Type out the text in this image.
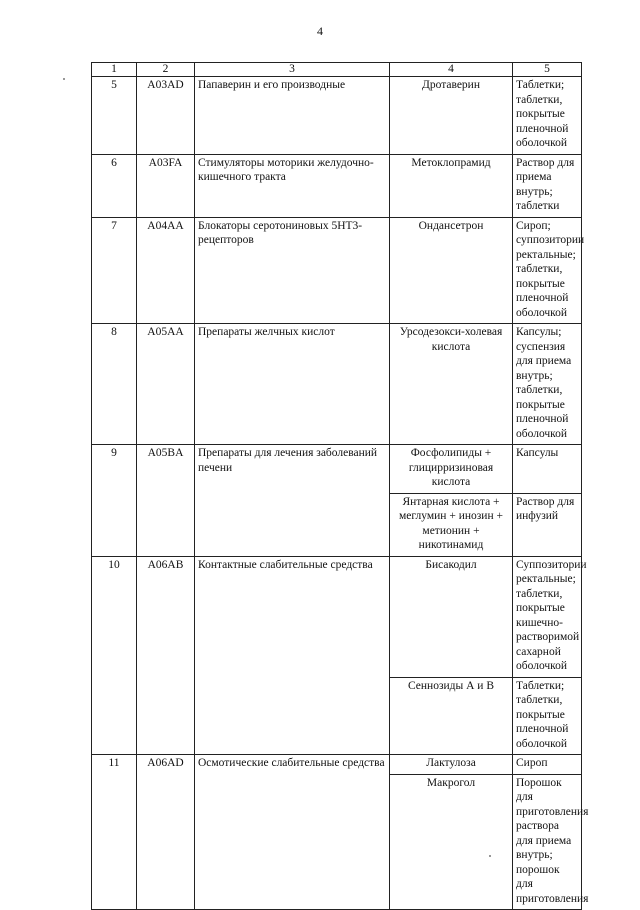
4
1	2	3	4	5
5	A03AD	Папаверин и его производные	Дротаверин	Таблетки; таблетки, покрытые пленочной оболочкой
6	A03FA	Стимуляторы моторики желудочно-кишечного тракта	Метоклопрамид	Раствор для приема внутрь; таблетки
7	A04AA	Блокаторы серотониновых 5НТ3-рецепторов	Ондансетрон	Сироп; суппозитории ректальные; таблетки, покрытые пленочной оболочкой
8	A05AA	Препараты желчных кислот	Урсодезокси-холевая кислота	Капсулы; суспензия для приема внутрь; таблетки, покрытые пленочной оболочкой
9	A05BA	Препараты для лечения заболеваний печени	Фосфолипиды + глицирризиновая кислота	Капсулы
			Янтарная кислота + меглумин + инозин + метионин + никотинамид	Раствор для инфузий
10	A06AB	Контактные слабительные средства	Бисакодил	Суппозитории ректальные; таблетки, покрытые кишечно-растворимой сахарной оболочкой
			Сеннозиды А и В	Таблетки; таблетки, покрытые пленочной оболочкой
11	A06AD	Осмотические слабительные средства	Лактулоза	Сироп
			Макрогол	Порошок для приготовления раствора для приема внутрь; порошок для приготовления
